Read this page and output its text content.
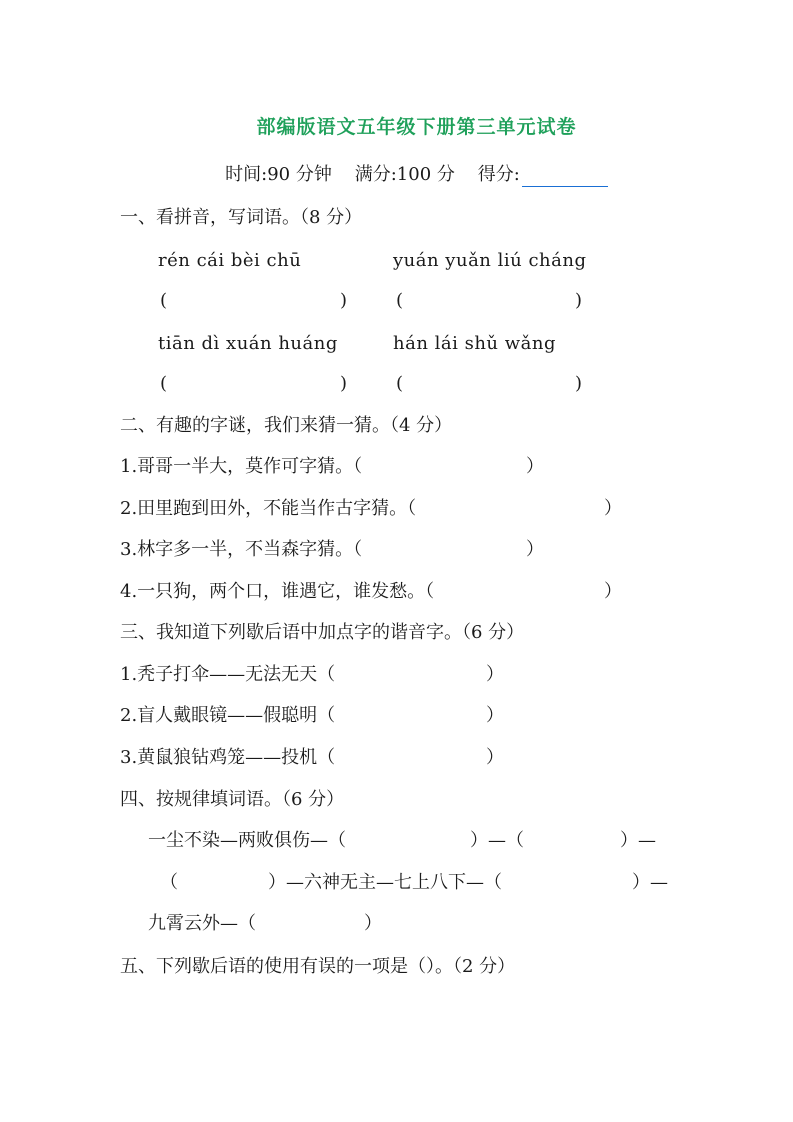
部编版语文五年级下册第三单元试卷
时间:90 分钟 满分:100 分 得分:
一、看拼音，写词语。（8 分）
rén cái bèi chū	yuán yuǎn liú cháng
(	)	(	)
tiān dì xuán huáng	hán lái shǔ wǎng
(	)	(	)
二、有趣的字谜，我们来猜一猜。（4 分）
1.哥哥一半大，莫作可字猜。（	）
2.田里跑到田外，不能当作古字猜。（	）
3.林字多一半，不当森字猜。（	）
4.一只狗，两个口，谁遇它，谁发愁。（	）
三、我知道下列歇后语中加点字的谐音字。（6 分）
1.秃子打伞——无法无天（	）
2.盲人戴眼镜——假聪明（	）
3.黄鼠狼钻鸡笼——投机（	）
四、按规律填词语。（6 分）
一尘不染—两败俱伤—（	）—（	）—
（	）—六神无主—七上八下—（	）—
九霄云外—（	）
五、下列歇后语的使用有误的一项是（）。（2 分）
